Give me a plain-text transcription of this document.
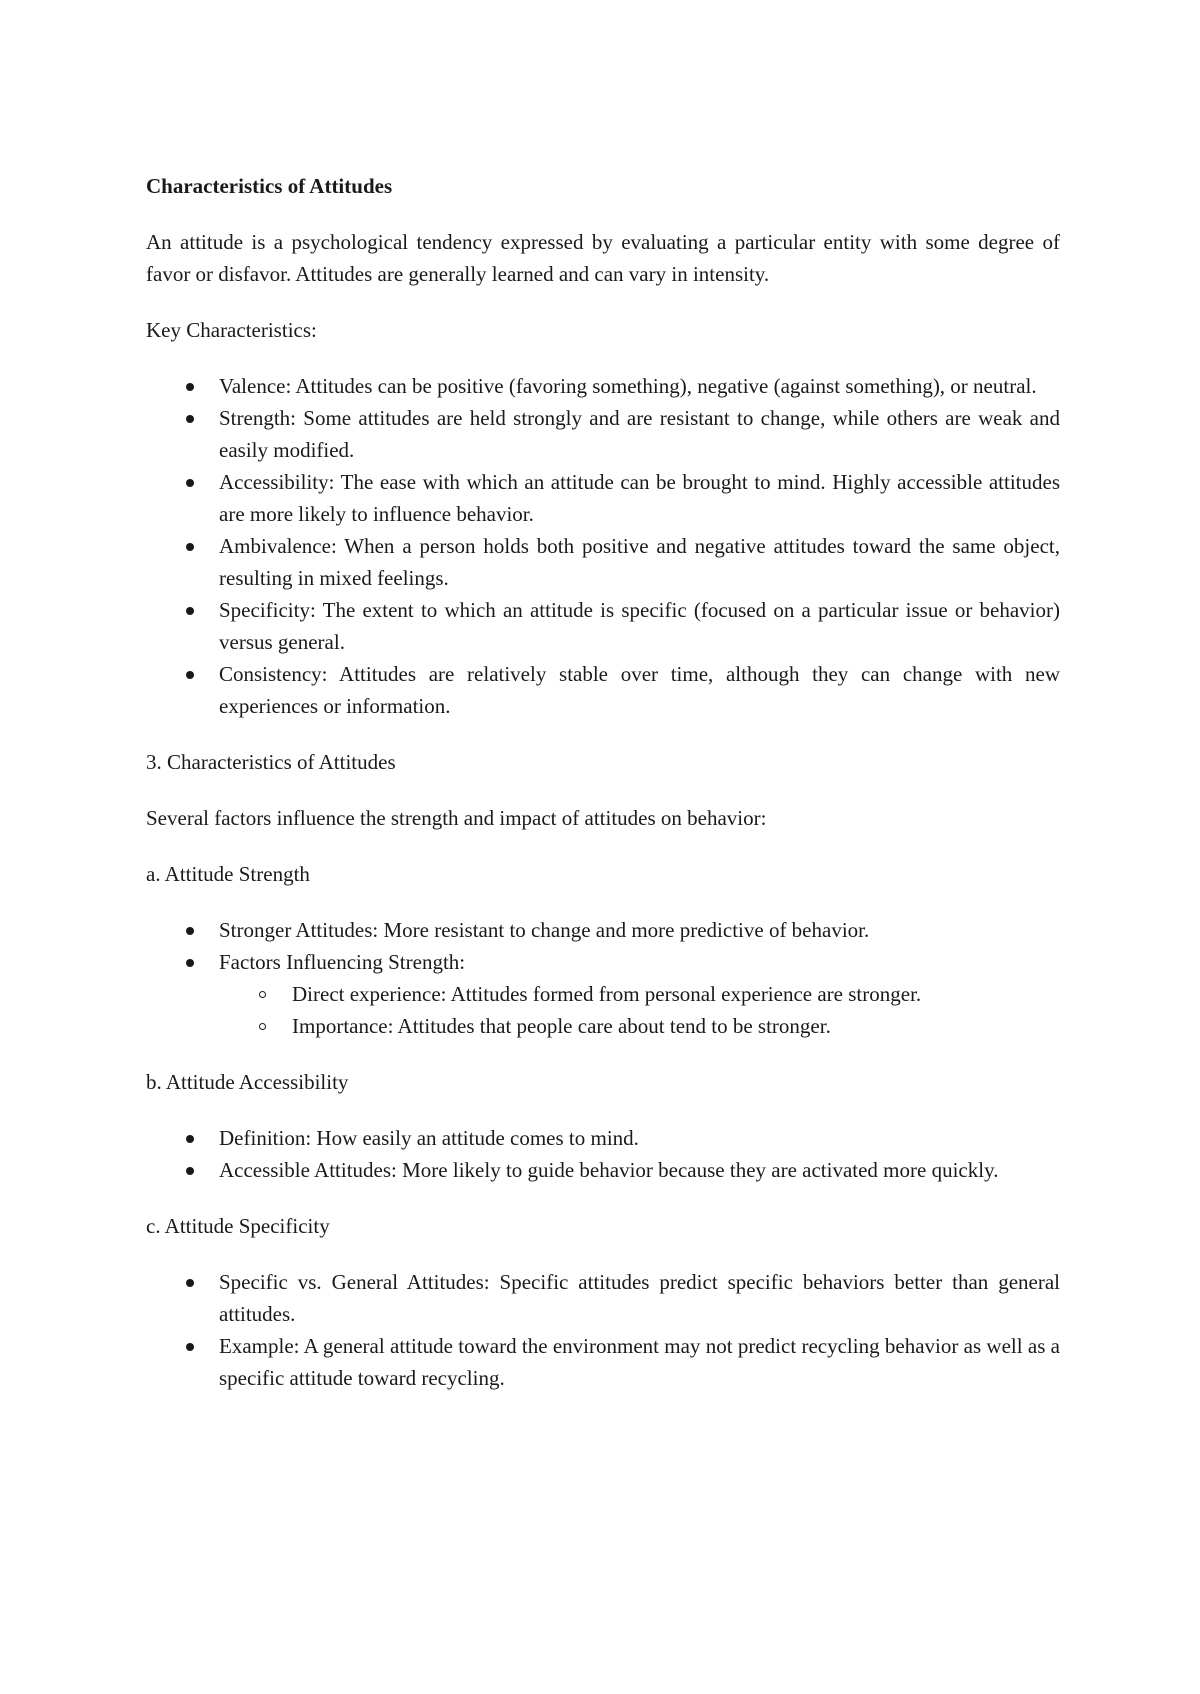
Characteristics of Attitudes

An attitude is a psychological tendency expressed by evaluating a particular entity with some degree of favor or disfavor. Attitudes are generally learned and can vary in intensity.

Key Characteristics:

Valence: Attitudes can be positive (favoring something), negative (against something), or neutral.
Strength: Some attitudes are held strongly and are resistant to change, while others are weak and easily modified.
Accessibility: The ease with which an attitude can be brought to mind. Highly accessible attitudes are more likely to influence behavior.
Ambivalence: When a person holds both positive and negative attitudes toward the same object, resulting in mixed feelings.
Specificity: The extent to which an attitude is specific (focused on a particular issue or behavior) versus general.
Consistency: Attitudes are relatively stable over time, although they can change with new experiences or information.

3. Characteristics of Attitudes

Several factors influence the strength and impact of attitudes on behavior:

a. Attitude Strength

Stronger Attitudes: More resistant to change and more predictive of behavior.
Factors Influencing Strength:
Direct experience: Attitudes formed from personal experience are stronger.
Importance: Attitudes that people care about tend to be stronger.

b. Attitude Accessibility

Definition: How easily an attitude comes to mind.
Accessible Attitudes: More likely to guide behavior because they are activated more quickly.

c. Attitude Specificity

Specific vs. General Attitudes: Specific attitudes predict specific behaviors better than general attitudes.
Example: A general attitude toward the environment may not predict recycling behavior as well as a specific attitude toward recycling.
